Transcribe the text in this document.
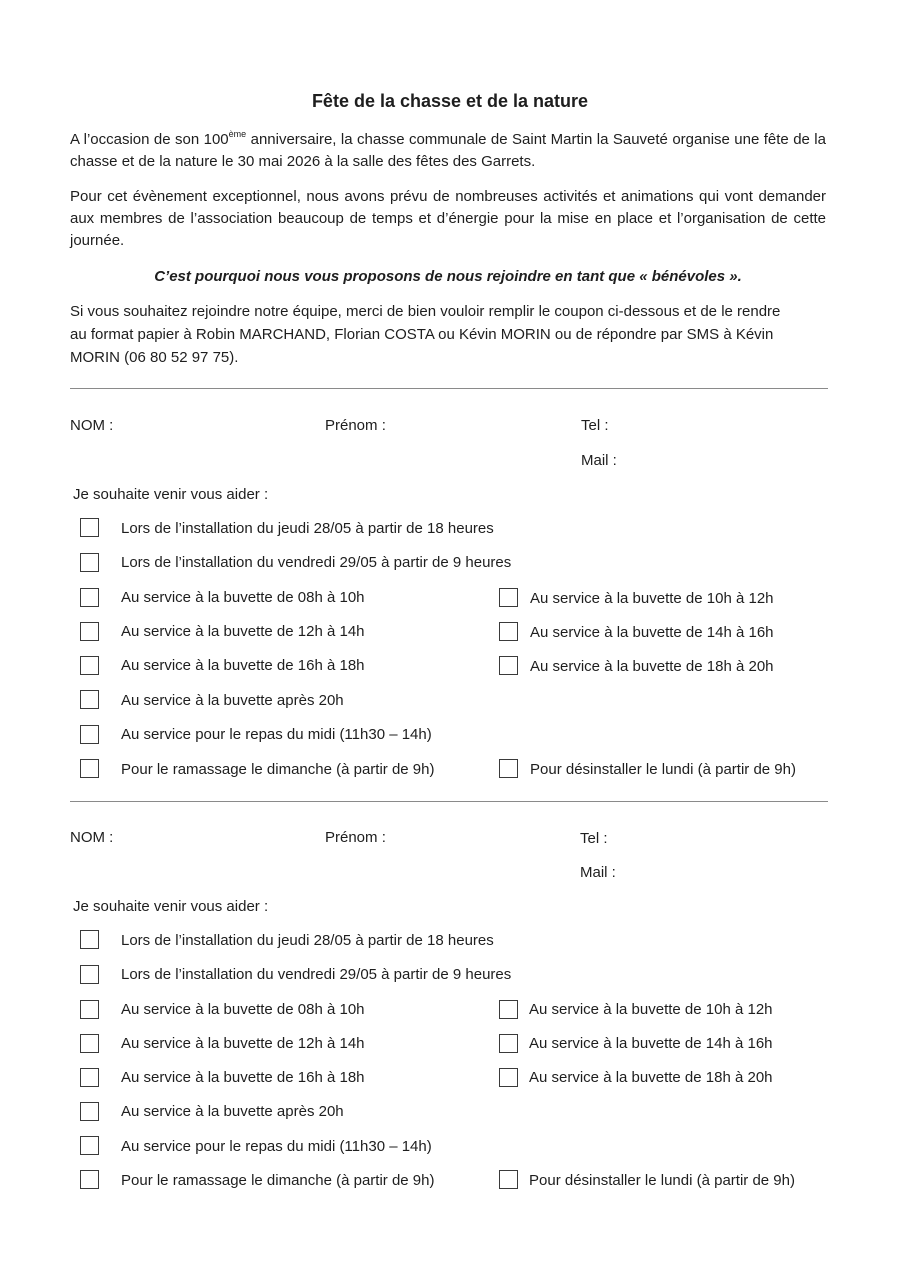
Fête de la chasse et de la nature

A l’occasion de son 100ème anniversaire, la chasse communale de Saint Martin la Sauveté organise une fête de la chasse et de la nature le 30 mai 2026 à la salle des fêtes des Garrets.

Pour cet évènement exceptionnel, nous avons prévu de nombreuses activités et animations qui vont demander aux membres de l’association beaucoup de temps et d’énergie pour la mise en place et l’organisation de cette journée.

C’est pourquoi nous vous proposons de nous rejoindre en tant que « bénévoles ».
Si vous souhaitez rejoindre notre équipe, merci de bien vouloir remplir le coupon ci-dessous et de le rendre
au format papier à Robin MARCHAND, Florian COSTA ou Kévin MORIN ou de répondre par SMS à Kévin
MORIN (06 80 52 97 75).
NOM :	Prénom :	Tel :
Mail :
Je souhaite venir vous aider :
Lors de l’installation du jeudi 28/05 à partir de 18 heures
Lors de l’installation du vendredi 29/05 à partir de 9 heures
Au service à la buvette de 08h à 10h	Au service à la buvette de 10h à 12h
Au service à la buvette de 12h à 14h	Au service à la buvette de 14h à 16h
Au service à la buvette de 16h à 18h	Au service à la buvette de 18h à 20h
Au service à la buvette après 20h
Au service pour le repas du midi (11h30 – 14h)
Pour le ramassage le dimanche (à partir de 9h)	Pour désinstaller le lundi (à partir de 9h)
NOM :	Prénom :	Tel :
Mail :
Je souhaite venir vous aider :
Lors de l’installation du jeudi 28/05 à partir de 18 heures
Lors de l’installation du vendredi 29/05 à partir de 9 heures
Au service à la buvette de 08h à 10h	Au service à la buvette de 10h à 12h
Au service à la buvette de 12h à 14h	Au service à la buvette de 14h à 16h
Au service à la buvette de 16h à 18h	Au service à la buvette de 18h à 20h
Au service à la buvette après 20h
Au service pour le repas du midi (11h30 – 14h)
Pour le ramassage le dimanche (à partir de 9h)	Pour désinstaller le lundi (à partir de 9h)
